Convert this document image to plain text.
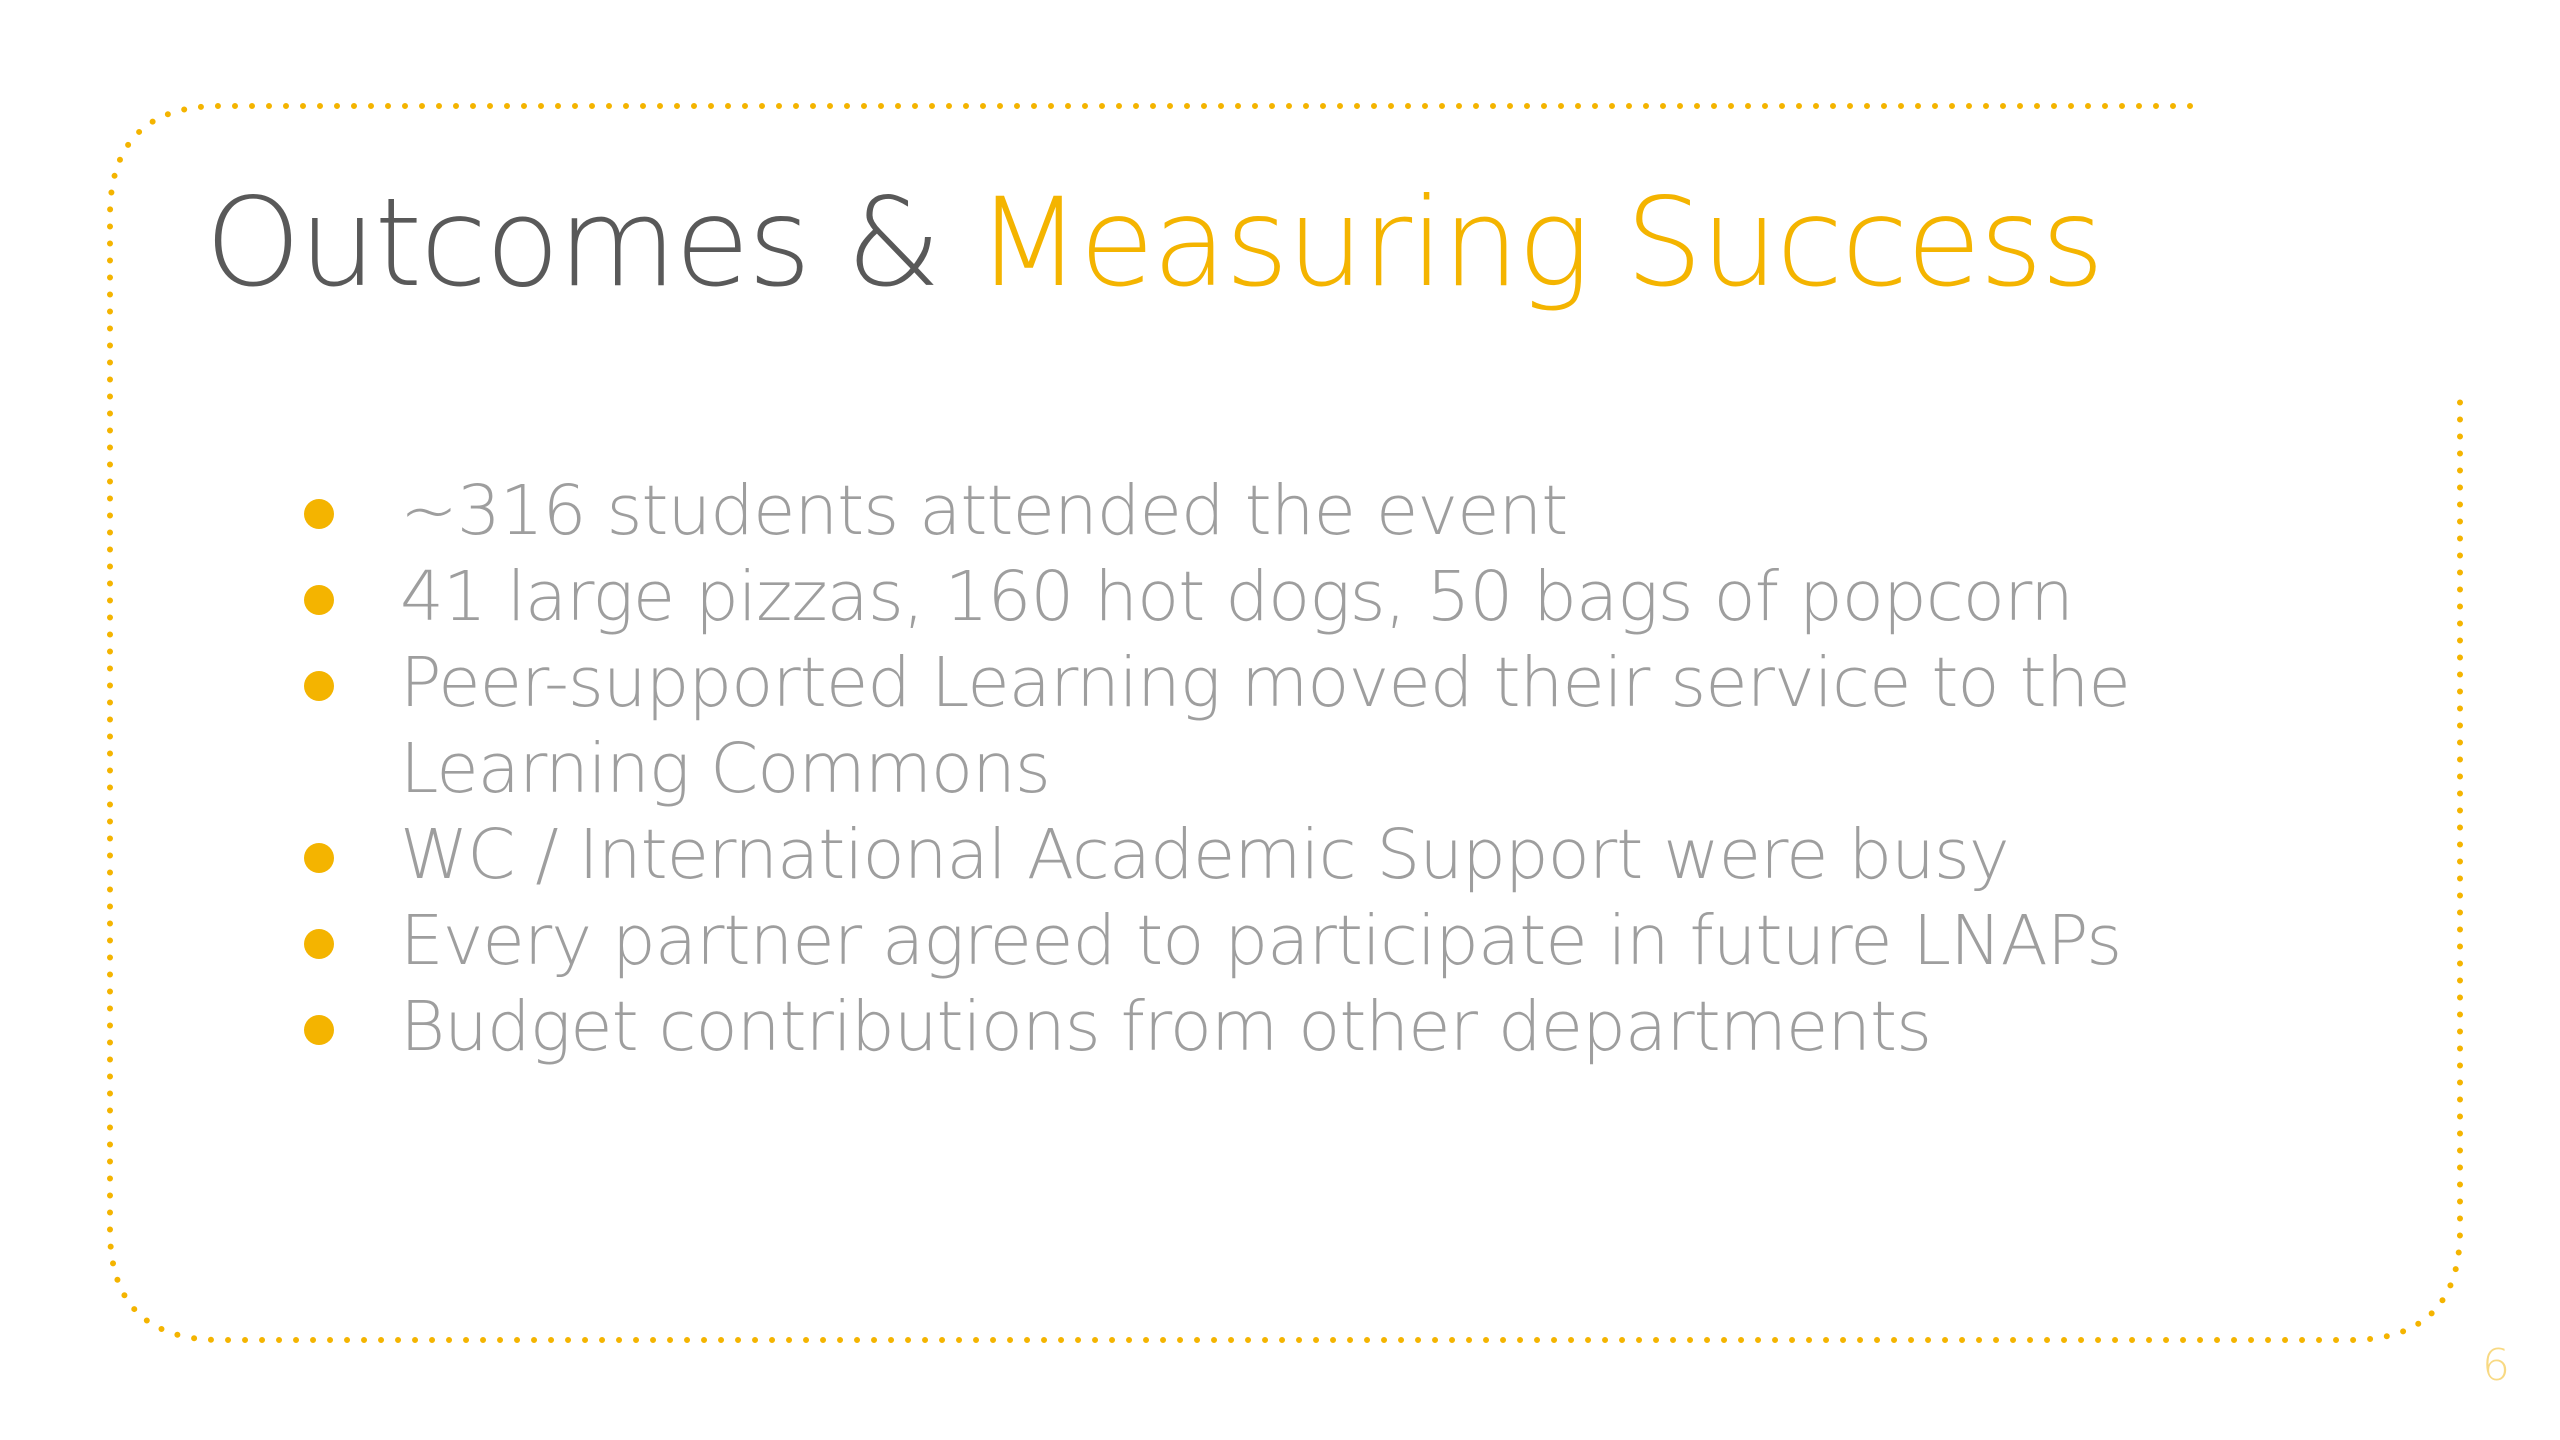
Outcomes & Measuring Success
~316 students attended the event
41 large pizzas, 160 hot dogs, 50 bags of popcorn
Peer-supported Learning moved their service to the Learning Commons
WC / International Academic Support were busy
Every partner agreed to participate in future LNAPs
Budget contributions from other departments
6
